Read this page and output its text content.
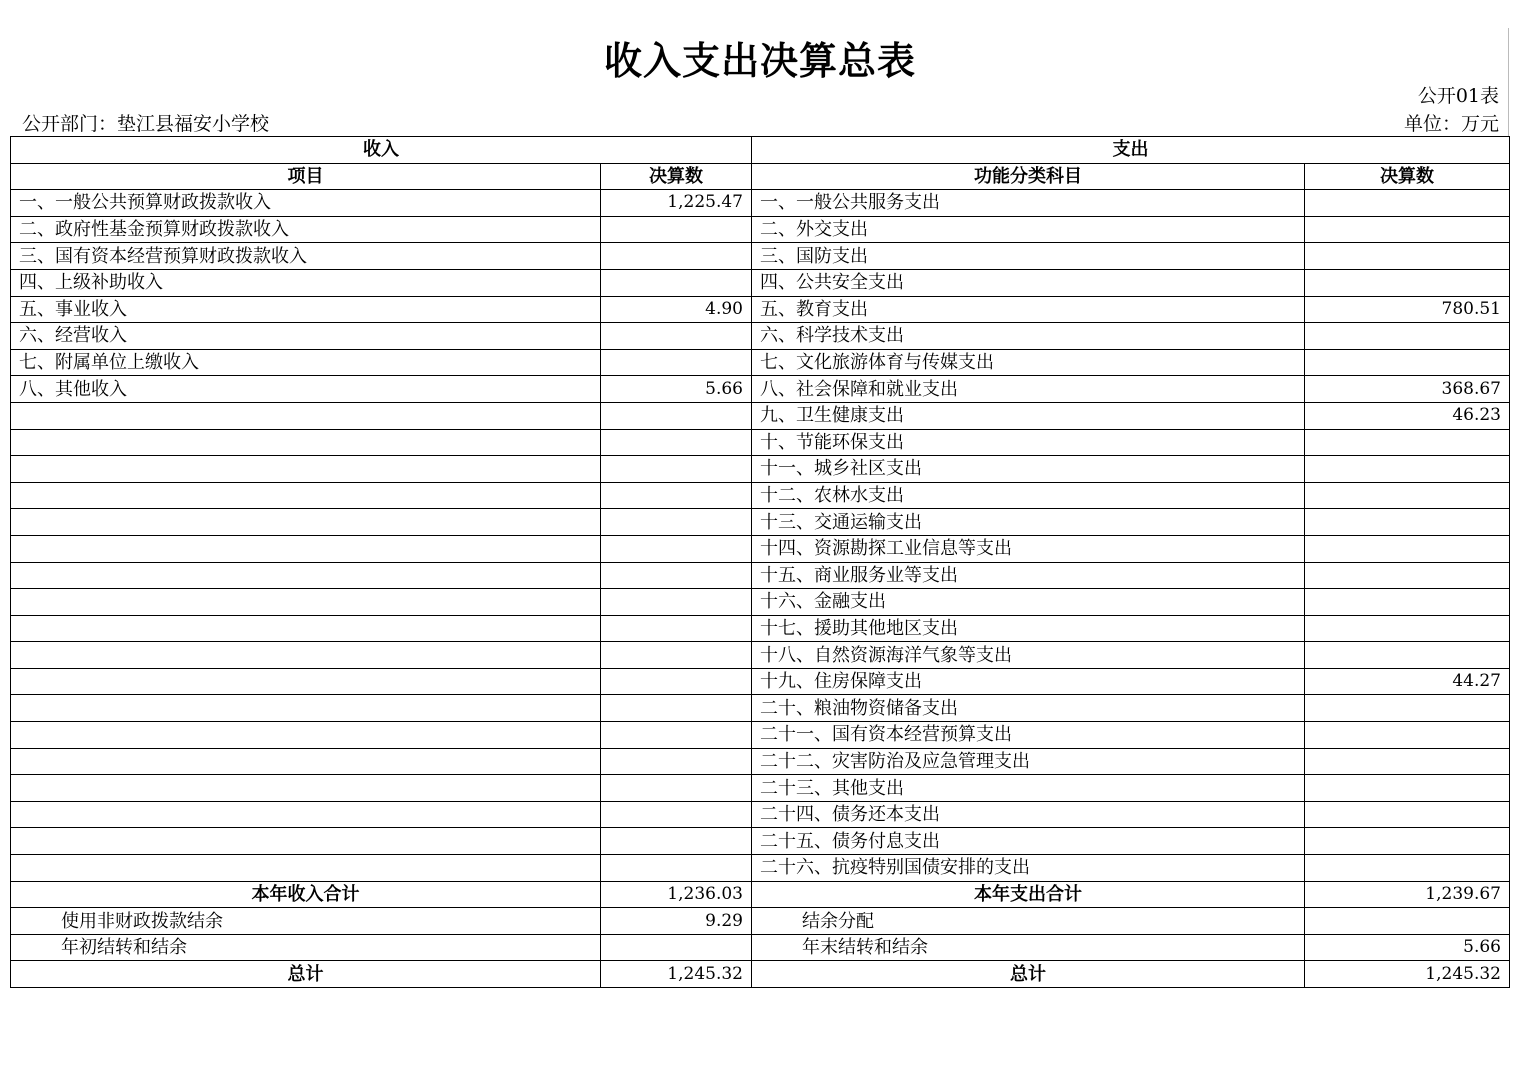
收入支出决算总表
公开01表
公开部门：垫江县福安小学校	单位：万元
收入		支出	
项目	决算数	功能分类科目	决算数
一、一般公共预算财政拨款收入	1,225.47	一、一般公共服务支出	
二、政府性基金预算财政拨款收入		二、外交支出	
三、国有资本经营预算财政拨款收入		三、国防支出	
四、上级补助收入		四、公共安全支出	
五、事业收入	4.90	五、教育支出	780.51
六、经营收入		六、科学技术支出	
七、附属单位上缴收入		七、文化旅游体育与传媒支出	
八、其他收入	5.66	八、社会保障和就业支出	368.67
		九、卫生健康支出	46.23
		十、节能环保支出	
		十一、城乡社区支出	
		十二、农林水支出	
		十三、交通运输支出	
		十四、资源勘探工业信息等支出	
		十五、商业服务业等支出	
		十六、金融支出	
		十七、援助其他地区支出	
		十八、自然资源海洋气象等支出	
		十九、住房保障支出	44.27
		二十、粮油物资储备支出	
		二十一、国有资本经营预算支出	
		二十二、灾害防治及应急管理支出	
		二十三、其他支出	
		二十四、债务还本支出	
		二十五、债务付息支出	
		二十六、抗疫特别国债安排的支出	
本年收入合计	1,236.03	本年支出合计	1,239.67
使用非财政拨款结余	9.29	结余分配	
年初结转和结余		年末结转和结余	5.66
总计	1,245.32	总计	1,245.32
